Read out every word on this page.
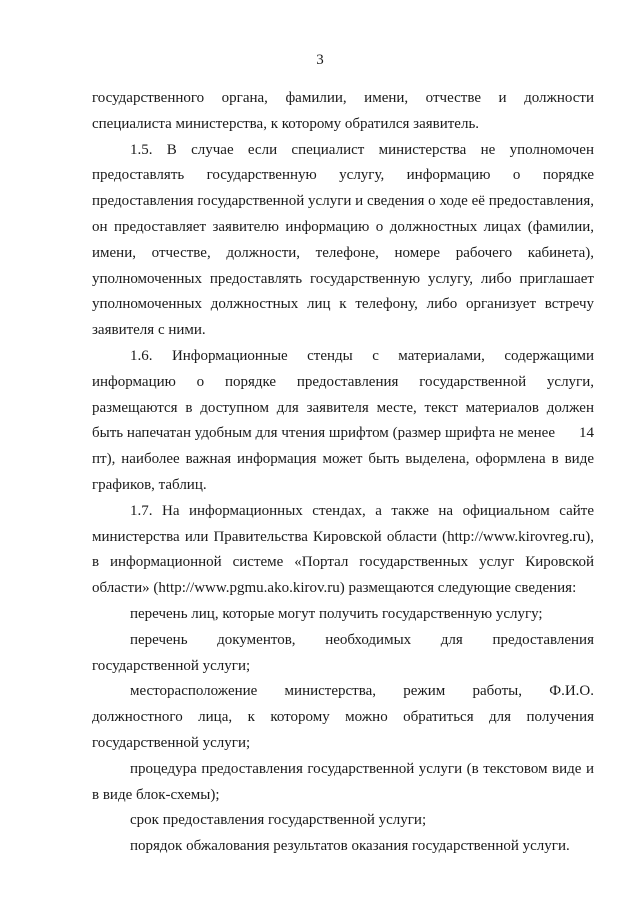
3

государственного органа, фамилии, имени, отчестве и должности специалиста министерства, к которому обратился заявитель.

1.5. В случае если специалист министерства не уполномочен предоставлять государственную услугу, информацию о порядке предоставления государственной услуги и сведения о ходе её предоставления, он предоставляет заявителю информацию о должностных лицах (фамилии, имени, отчестве, должности, телефоне, номере рабочего кабинета), уполномоченных предоставлять государственную услугу, либо приглашает уполномоченных должностных лиц к телефону, либо организует встречу заявителя с ними.

1.6. Информационные стенды с материалами, содержащими информацию о порядке предоставления государственной услуги, размещаются в доступном для заявителя месте, текст материалов должен быть напечатан удобным для чтения шрифтом (размер шрифта не менее 14 пт), наиболее важная информация может быть выделена, оформлена в виде графиков, таблиц.

1.7. На информационных стендах, а также на официальном сайте министерства или Правительства Кировской области (http://www.kirovreg.ru), в информационной системе «Портал государственных услуг Кировской области» (http://www.pgmu.ako.kirov.ru) размещаются следующие сведения:

перечень лиц, которые могут получить государственную услугу;

перечень документов, необходимых для предоставления

государственной услуги;

месторасположение министерства, режим работы, Ф.И.О. должностного лица, к которому можно обратиться для получения государственной услуги;

процедура предоставления государственной услуги (в текстовом виде и в виде блок-схемы);

срок предоставления государственной услуги;

порядок обжалования результатов оказания государственной услуги.
